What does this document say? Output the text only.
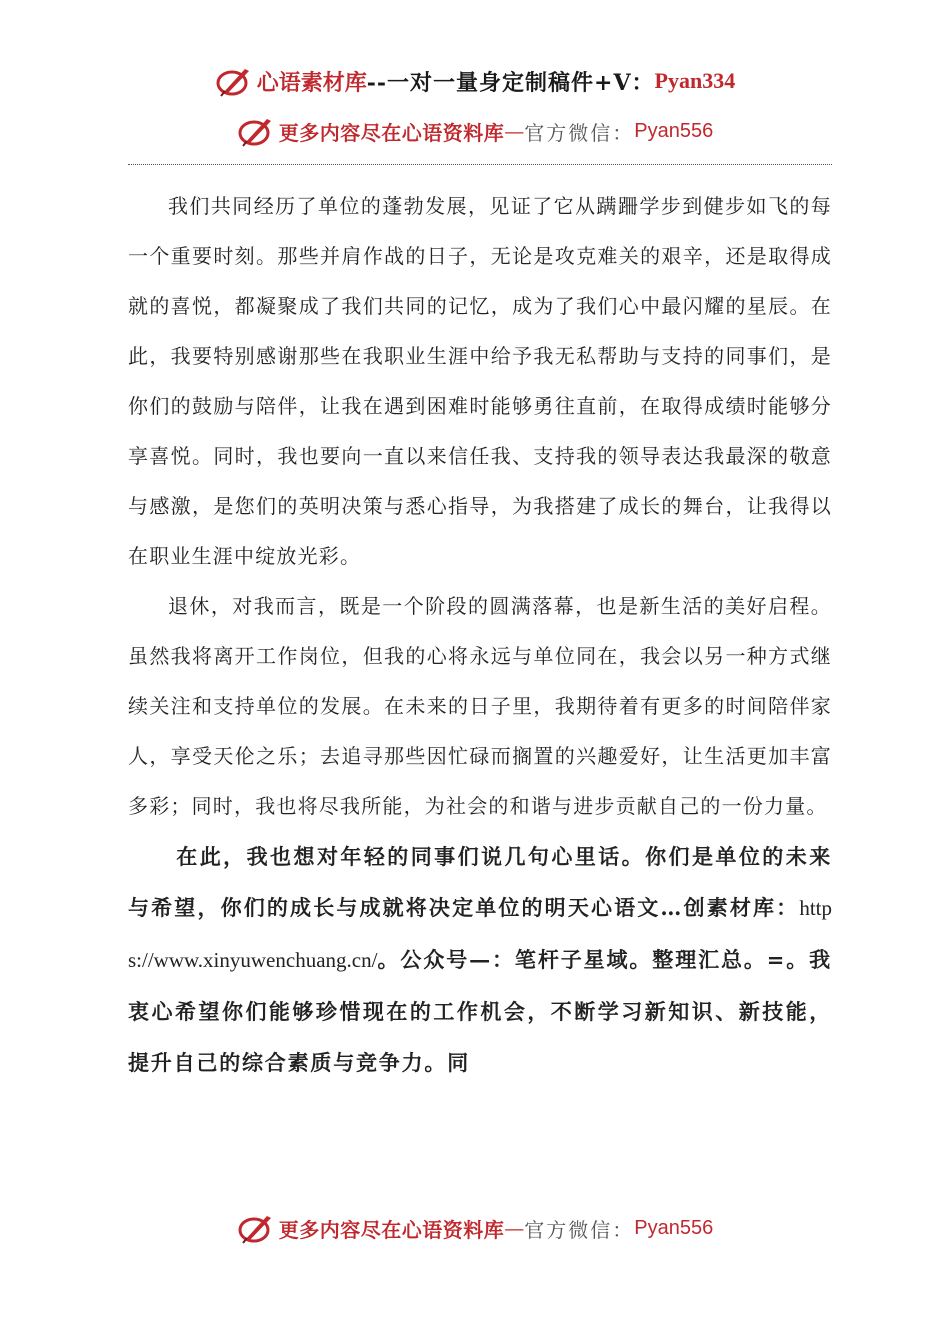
心语素材库 --一对一量身定制稿件+V： Pyan334
更多内容尽在心语资料库 — 官方微信： Pyan556

我们共同经历了单位的蓬勃发展，见证了它从蹒跚学步到健步如飞的每一个重要时刻。那些并肩作战的日子，无论是攻克难关的艰辛，还是取得成就的喜悦，都凝聚成了我们共同的记忆，成为了我们心中最闪耀的星辰。在此，我要特别感谢那些在我职业生涯中给予我无私帮助与支持的同事们，是你们的鼓励与陪伴，让我在遇到困难时能够勇往直前，在取得成绩时能够分享喜悦。同时，我也要向一直以来信任我、支持我的领导表达我最深的敬意与感激，是您们的英明决策与悉心指导，为我搭建了成长的舞台，让我得以在职业生涯中绽放光彩。

退休，对我而言，既是一个阶段的圆满落幕，也是新生活的美好启程。虽然我将离开工作岗位，但我的心将永远与单位同在，我会以另一种方式继续关注和支持单位的发展。在未来的日子里，我期待着有更多的时间陪伴家人，享受天伦之乐；去追寻那些因忙碌而搁置的兴趣爱好，让生活更加丰富多彩；同时，我也将尽我所能，为社会的和谐与进步贡献自己的一份力量。

在此，我也想对年轻的同事们说几句心里话。你们是单位的未来与希望，你们的成长与成就将决定单位的明天心语文…创素材库：https://www.xinyuwenchuang.cn/。公众号—：笔杆子星域。整理汇总。=。我衷心希望你们能够珍惜现在的工作机会，不断学习新知识、新技能，提升自己的综合素质与竞争力。同

更多内容尽在心语资料库 — 官方微信： Pyan556
